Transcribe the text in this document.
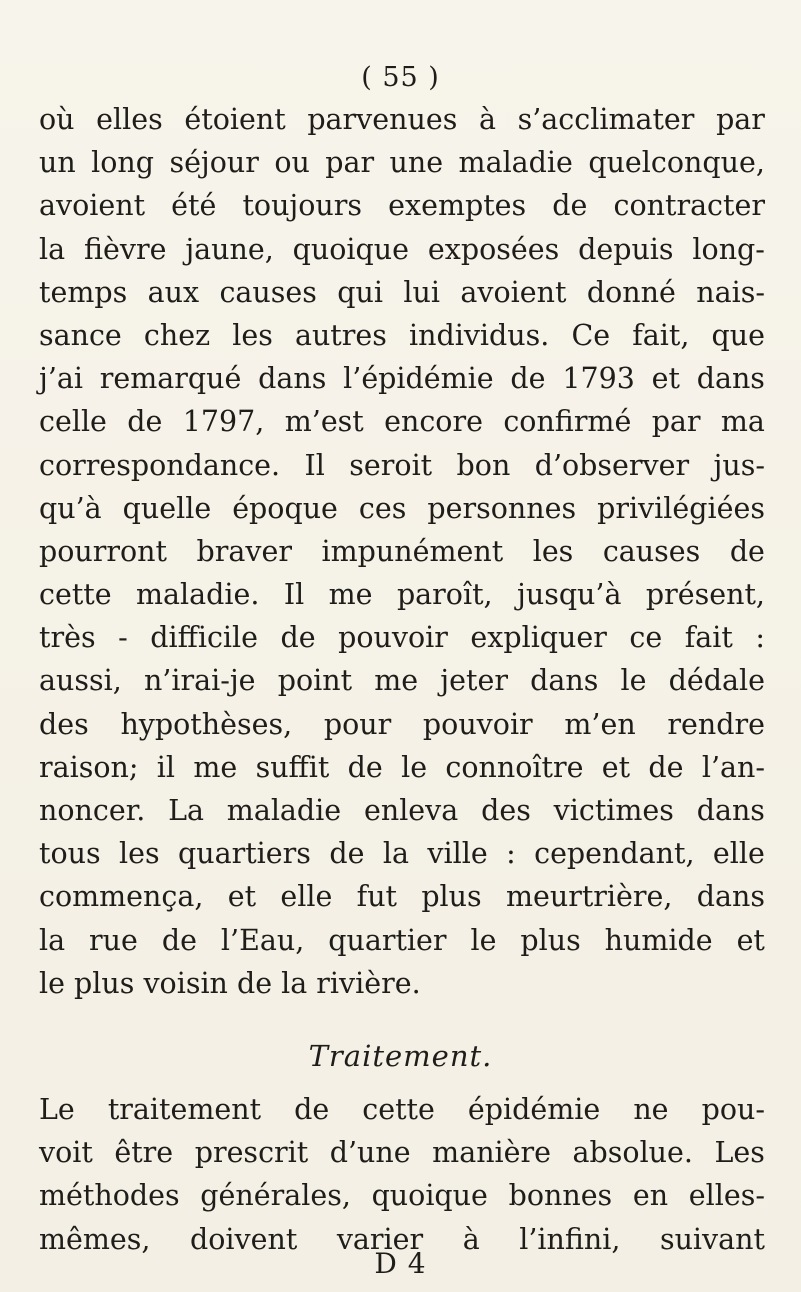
( 55 )
où elles étoient parvenues à s’acclimater par
un long séjour ou par une maladie quelconque,
avoient été toujours exemptes de contracter
la fièvre jaune, quoique exposées depuis long-
temps aux causes qui lui avoient donné nais-
sance chez les autres individus. Ce fait, que
j’ai remarqué dans l’épidémie de 1793 et dans
celle de 1797, m’est encore confirmé par ma
correspondance. Il seroit bon d’observer jus-
qu’à quelle époque ces personnes privilégiées
pourront braver impunément les causes de
cette maladie. Il me paroît, jusqu’à présent,
très - difficile de pouvoir expliquer ce fait :
aussi, n’irai-je point me jeter dans le dédale
des hypothèses, pour pouvoir m’en rendre
raison; il me suffit de le connoître et de l’an-
noncer. La maladie enleva des victimes dans
tous les quartiers de la ville : cependant, elle
commença, et elle fut plus meurtrière, dans
la rue de l’Eau, quartier le plus humide et
le plus voisin de la rivière.
Traitement.
Le traitement de cette épidémie ne pou-
voit être prescrit d’une manière absolue. Les
méthodes générales, quoique bonnes en elles-
mêmes, doivent varier à l’infini, suivant
D 4
